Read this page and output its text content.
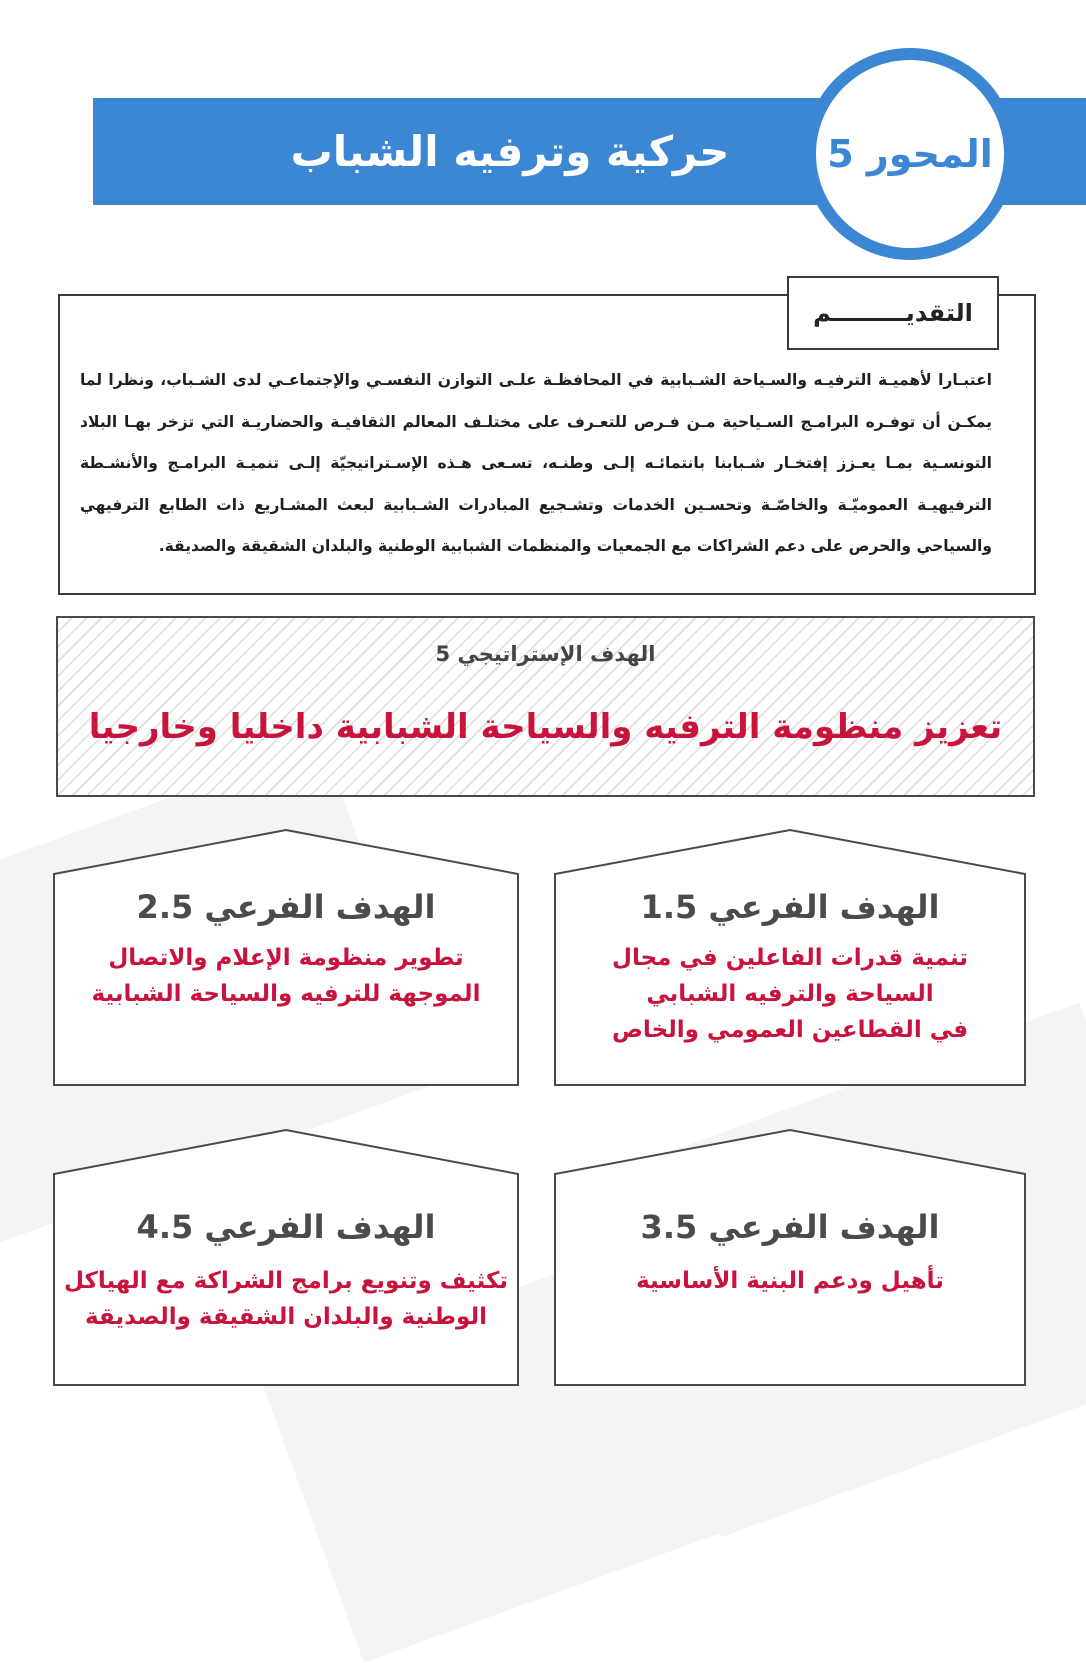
حركية وترفيه الشباب	المحور 5
التقديـــــــــم
اعتبـارا لأهميـة الترفيـه والسـياحة الشـبابية في المحافظـة علـى التوازن النفسـي والإجتماعـي لدى الشـباب، ونظرا لما يمكـن أن توفـره البرامـج السـياحية مـن فـرص للتعـرف على مختلـف المعالم الثقافيـة والحضاريـة التي تزخر بهـا البلاد التونسـية بمـا يعـزز إفتخـار شـبابنا بانتمائـه إلـى وطنـه، تسـعى هـذه الإسـتراتيجيّة إلـى تنميـة البرامـج والأنشـطة الترفيهيـة العموميّـة والخاصّـة وتحسـين الخدمات وتشـجيع المبادرات الشـبابية لبعث المشـاريع ذات الطابع الترفيهي والسياحي والحرص على دعم الشراكات مع الجمعيات والمنظمات الشبابية الوطنية والبلدان الشقيقة والصديقة.
الهدف الإستراتيجي 5
تعزيز منظومة الترفيه والسياحة الشبابية داخليا وخارجيا
الهدف الفرعي 1.5
تنمية قدرات الفاعلين في مجال
السياحة والترفيه الشبابي
في القطاعين العمومي والخاص
الهدف الفرعي 2.5
تطوير منظومة الإعلام والاتصال
الموجهة للترفيه والسياحة الشبابية
الهدف الفرعي 3.5
تأهيل ودعم البنية الأساسية
الهدف الفرعي 4.5
تكثيف وتنويع برامج الشراكة مع الهياكل
الوطنية والبلدان الشقيقة والصديقة
